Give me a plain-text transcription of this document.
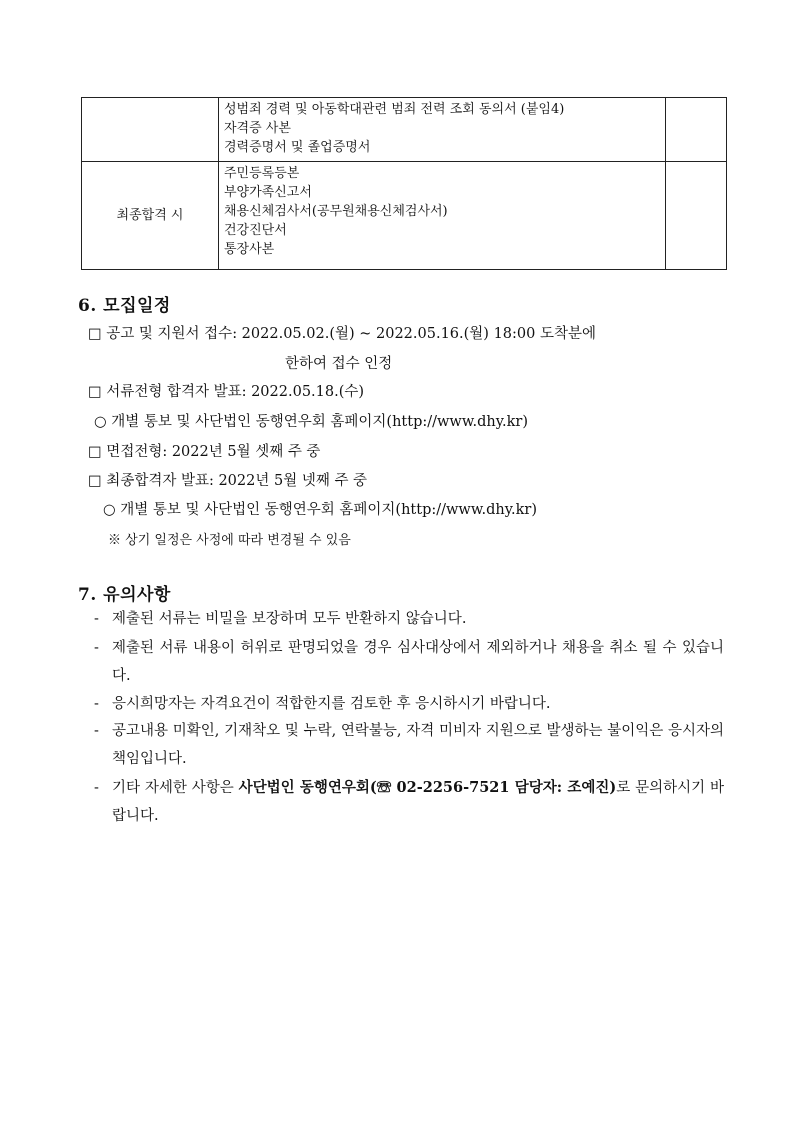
	성범죄 경력 및 아동학대관련 범죄 전력 조회 동의서 (붙임4)
자격증 사본
경력증명서 및 졸업증명서	

최종합격 시	주민등록등본
부양가족신고서
채용신체검사서(공무원채용신체검사서)
건강진단서
통장사본	

6. 모집일정
□ 공고 및 지원서 접수: 2022.05.02.(월) ~ 2022.05.16.(월) 18:00 도착분에
한하여 접수 인정
□ 서류전형 합격자 발표: 2022.05.18.(수)
○ 개별 통보 및 사단법인 동행연우회 홈페이지(http://www.dhy.kr)
□ 면접전형: 2022년 5월 셋째 주 중
□ 최종합격자 발표: 2022년 5월 넷째 주 중
○ 개별 통보 및 사단법인 동행연우회 홈페이지(http://www.dhy.kr)
※ 상기 일정은 사정에 따라 변경될 수 있음
7. 유의사항
- 제출된 서류는 비밀을 보장하며 모두 반환하지 않습니다.
- 제출된 서류 내용이 허위로 판명되었을 경우 심사대상에서 제외하거나 채용을 취소 될 수 있습니다.
- 응시희망자는 자격요건이 적합한지를 검토한 후 응시하시기 바랍니다.
- 공고내용 미확인, 기재착오 및 누락, 연락불능, 자격 미비자 지원으로 발생하는 불이익은 응시자의 책임입니다.
- 기타 자세한 사항은 사단법인 동행연우회(☏ 02-2256-7521 담당자: 조예진)로 문의하시기 바랍니다.
